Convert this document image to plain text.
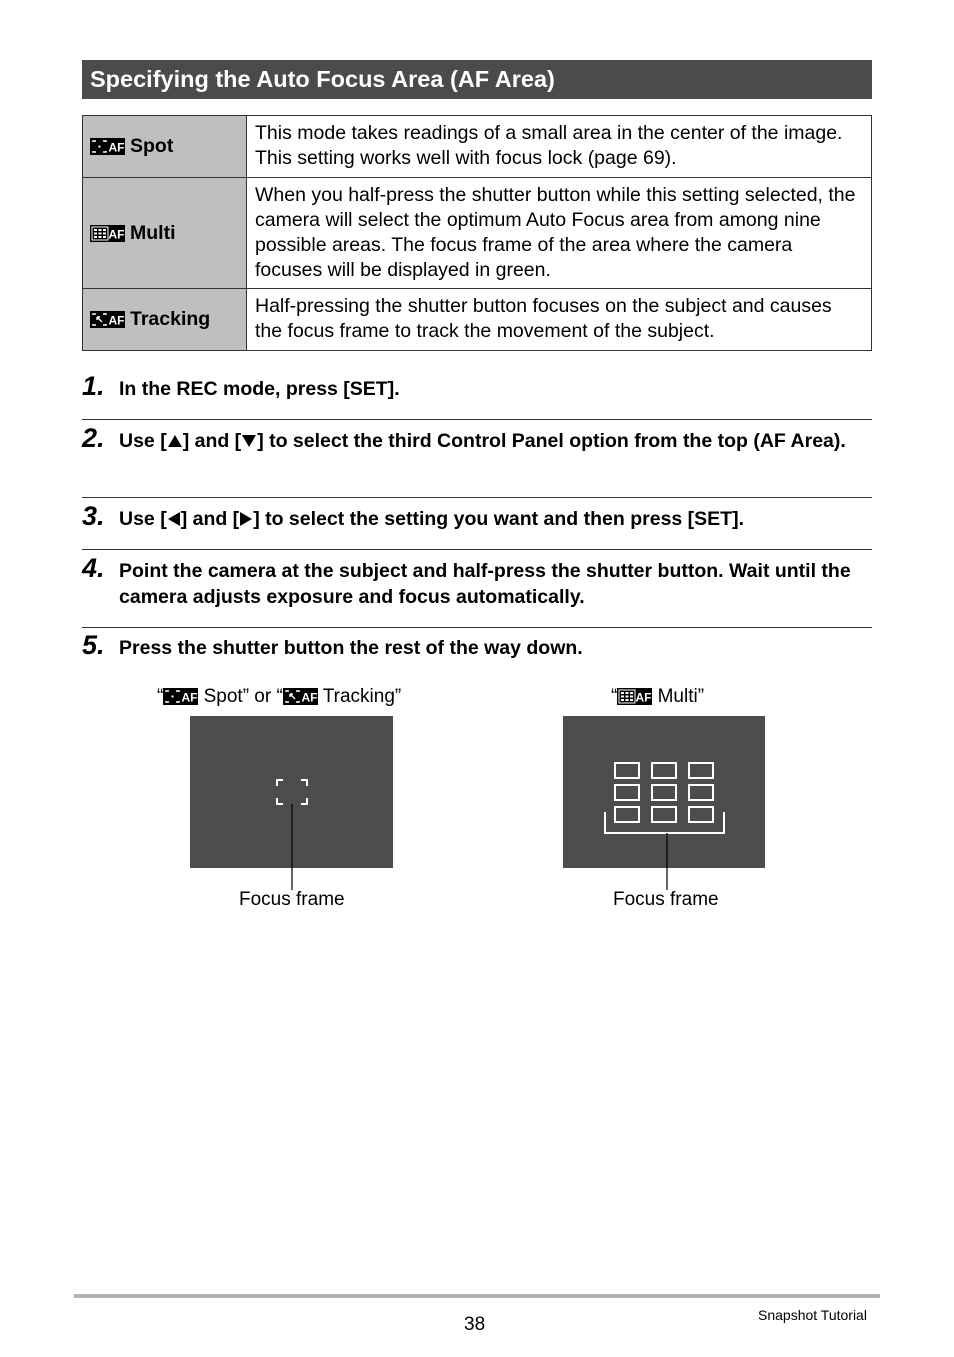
Specifying the Auto Focus Area (AF Area)
AF Spot	This mode takes readings of a small area in the center of the image. This setting works well with focus lock (page 69).

AF Multi	When you half-press the shutter button while this setting selected, the camera will select the optimum Auto Focus area from among nine possible areas. The focus frame of the area where the camera focuses will be displayed in green.

AF Tracking	Half-pressing the shutter button focuses on the subject and causes the focus frame to track the movement of the subject.
1. In the REC mode, press [SET].
2. Use [ ] and [ ] to select the third Control Panel option from the top (AF Area).
3. Use [ ] and [ ] to select the setting you want and then press [SET].
4. Point the camera at the subject and half-press the shutter button. Wait until the camera adjusts exposure and focus automatically.
5. Press the shutter button the rest of the way down.
“ AF Spot” or “ AF Tracking”
Focus frame
“ AF Multi”
Focus frame
38	Snapshot Tutorial
